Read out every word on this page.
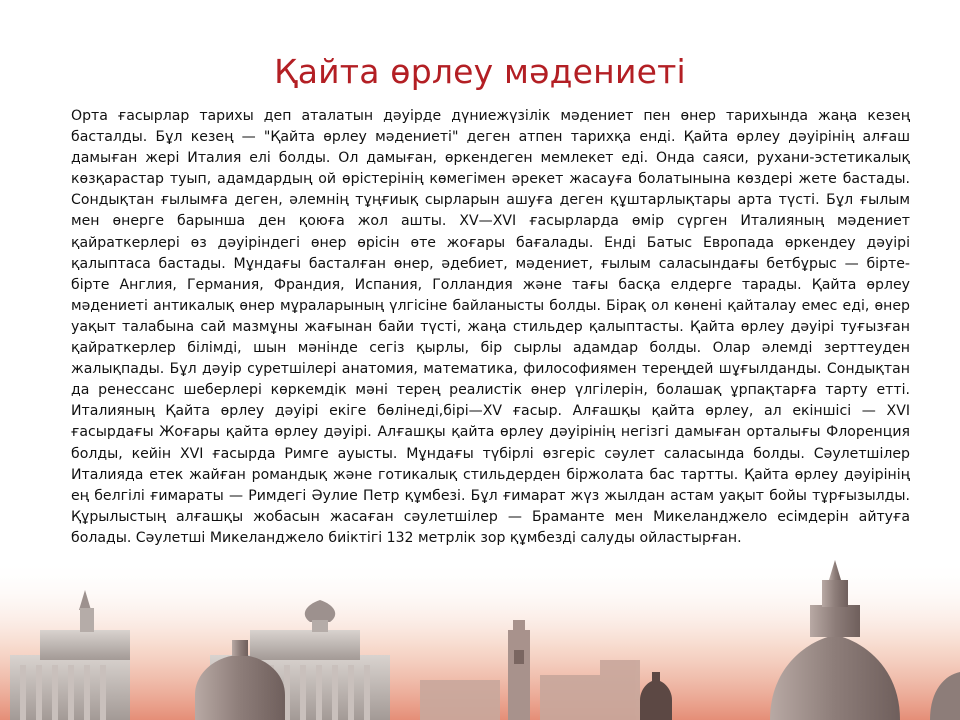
Қайта өрлеу мәдениеті

Орта ғасырлар тарихы деп аталатын дәуірде дүниежүзілік мәдениет пен өнер тарихында жаңа кезең басталды. Бұл кезең — "Қайта өрлеу мәдениеті" деген атпен тарихқа енді. Қайта өрлеу дәуірінің алғаш дамыған жері Италия елі болды. Ол дамыған, өркендеген мемлекет еді. Онда саяси, рухани-эстетикалық көзқарастар туып, адамдардың ой өрістерінің көмегімен әрекет жасауға болатынына көздері жете бастады. Сондықтан ғылымға деген, әлемнің тұңғиық сырларын ашуға деген құштарлықтары арта түсті. Бұл ғылым мен өнерге барынша ден қоюға жол ашты. XV—XVI ғасырларда өмір сүрген Италияның мәдениет қайраткерлері өз дәуіріндегі өнер өрісін өте жоғары бағалады. Енді Батыс Европада өркендеу дәуірі қалыптаса бастады. Мұндағы басталған өнер, әдебиет, мәдениет, ғылым саласындағы бетбұрыс — бірте-бірте Англия, Германия, Франдия, Испания, Голландия және тағы басқа елдерге тарады. Қайта өрлеу мәдениеті антикалық өнер мұраларының үлгісіне байланысты болды. Бірақ ол көнені қайталау емес еді, өнер уақыт талабына сай мазмұны жағынан байи түсті, жаңа стильдер қалыптасты. Қайта өрлеу дәуірі туғызған қайраткерлер білімді, шын мәнінде сегіз қырлы, бір сырлы адамдар болды. Олар әлемді зерттеуден жалықпады. Бұл дәуір суретшілері анатомия, математика, философиямен тереңдей шұғылданды. Сондықтан да ренессанс шеберлері көркемдік мәні терең реалистік өнер үлгілерін, болашақ ұрпақтарға тарту етті. Италияның Қайта өрлеу дәуірі екіге бөлінеді,бірі—XV ғасыр. Алғашқы қайта өрлеу, ал екіншісі — XVI ғасырдағы Жоғары қайта өрлеу дәуірі. Алғашқы қайта өрлеу дәуірінің негізгі дамыған орталығы Флоренция болды, кейін XVI ғасырда Римге ауысты. Мұндағы түбірлі өзгеріс сәулет саласында болды. Сәулетшілер Италияда етек жайған романдық және готикалық стильдерден біржолата бас тартты. Қайта өрлеу дәуірінің ең белгілі ғимараты — Римдегі Әулие Петр құмбезі. Бұл ғимарат жүз жылдан астам уақыт бойы тұрғызылды. Құрылыстың алғашқы жобасын жасаған сәулетшілер — Браманте мен Микеланджело есімдерін айтуға болады. Сәулетші Микеланджело биіктігі 132 метрлік зор құмбезді салуды ойластырған.
